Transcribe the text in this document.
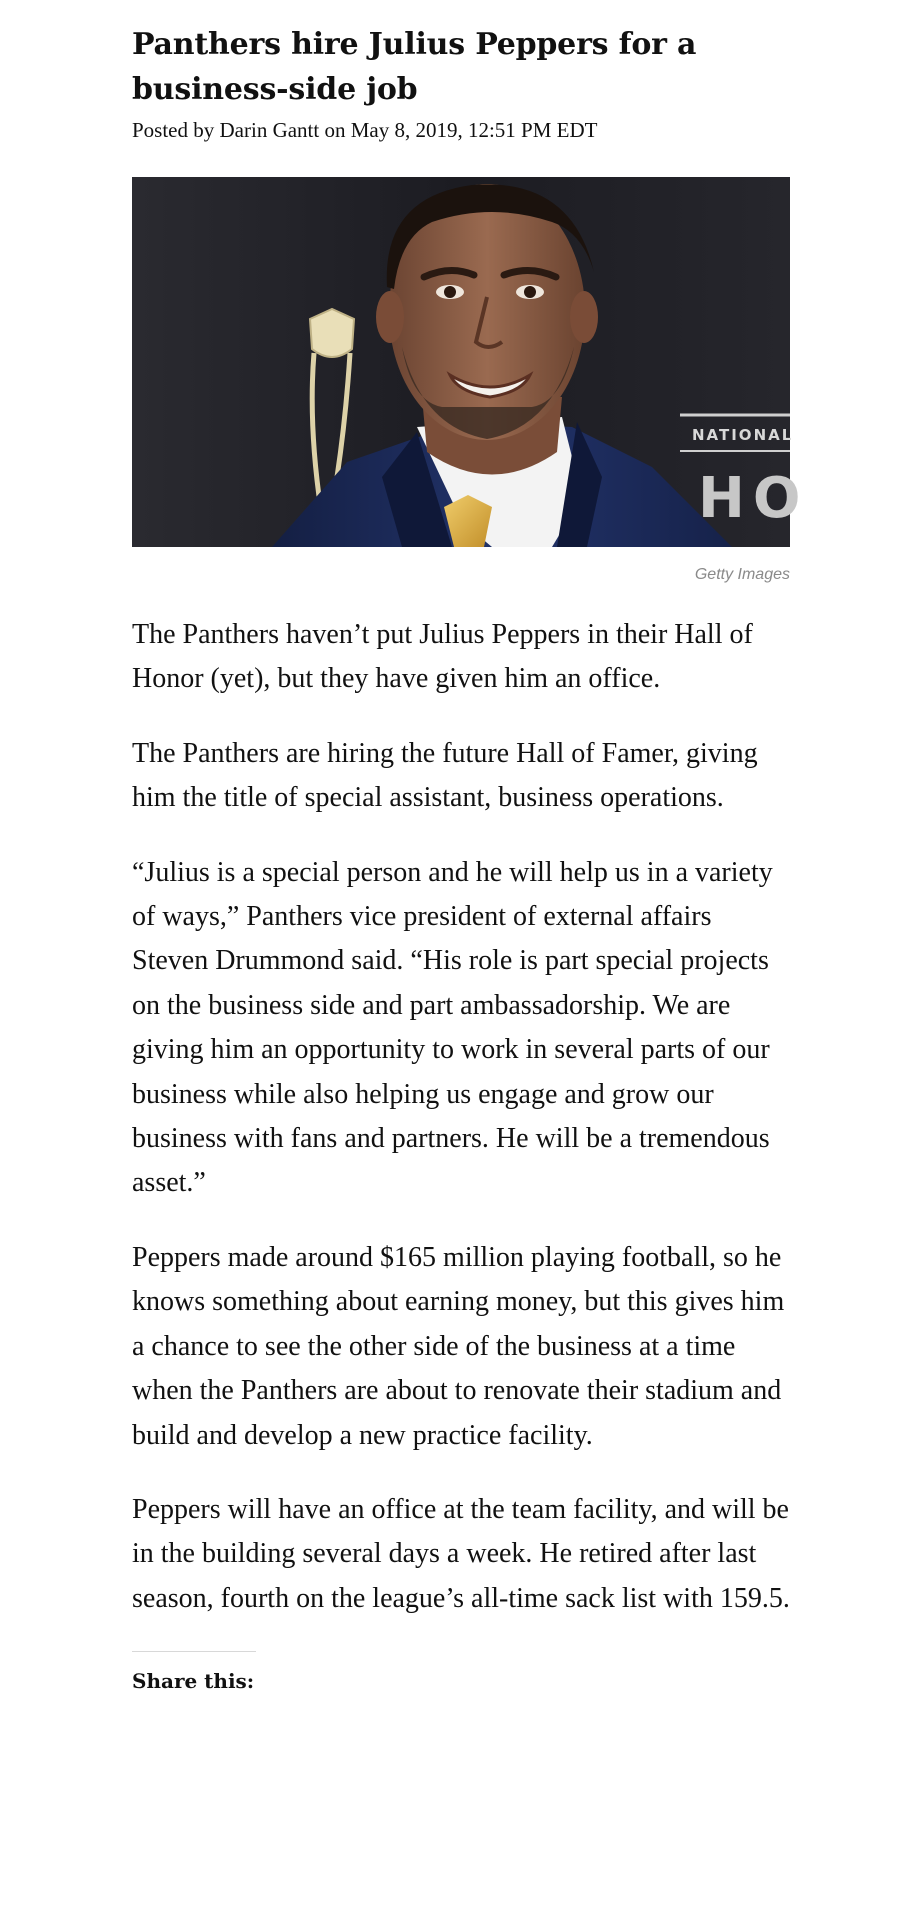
Panthers hire Julius Peppers for a business-side job
Posted by Darin Gantt on May 8, 2019, 12:51 PM EDT
NATIONAL
HO
Getty Images

The Panthers haven’t put Julius Peppers in their Hall of Honor (yet), but they have given him an office.

The Panthers are hiring the future Hall of Famer, giving him the title of special assistant, business operations.

“Julius is a special person and he will help us in a variety of ways,” Panthers vice president of external affairs Steven Drummond said. “His role is part special projects on the business side and part ambassadorship. We are giving him an opportunity to work in several parts of our business while also helping us engage and grow our business with fans and partners. He will be a tremendous asset.”

Peppers made around $165 million playing football, so he knows something about earning money, but this gives him a chance to see the other side of the business at a time when the Panthers are about to renovate their stadium and build and develop a new practice facility.

Peppers will have an office at the team facility, and will be in the building several days a week. He retired after last season, fourth on the league’s all-time sack list with 159.5.

Share this:
